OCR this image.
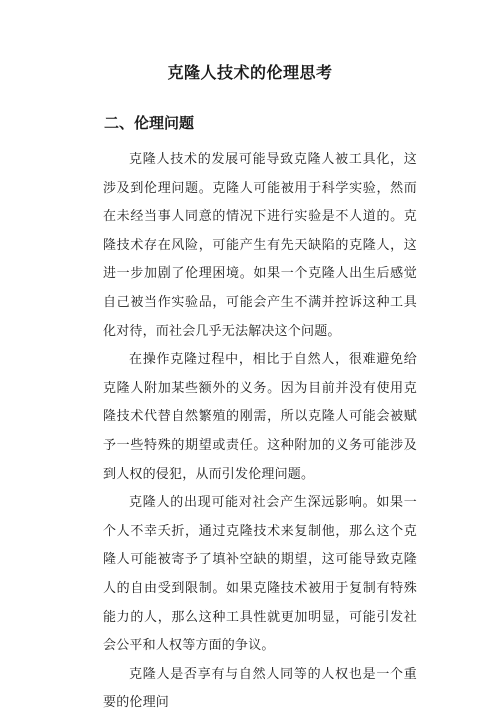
克隆人技术的伦理思考
二、伦理问题

克隆人技术的发展可能导致克隆人被工具化，这涉及到伦理问题。克隆人可能被用于科学实验，然而在未经当事人同意的情况下进行实验是不人道的。克隆技术存在风险，可能产生有先天缺陷的克隆人，这进一步加剧了伦理困境。如果一个克隆人出生后感觉自己被当作实验品，可能会产生不满并控诉这种工具化对待，而社会几乎无法解决这个问题。

在操作克隆过程中，相比于自然人，很难避免给克隆人附加某些额外的义务。因为目前并没有使用克隆技术代替自然繁殖的刚需，所以克隆人可能会被赋予一些特殊的期望或责任。这种附加的义务可能涉及到人权的侵犯，从而引发伦理问题。

克隆人的出现可能对社会产生深远影响。如果一个人不幸夭折，通过克隆技术来复制他，那么这个克隆人可能被寄予了填补空缺的期望，这可能导致克隆人的自由受到限制。如果克隆技术被用于复制有特殊能力的人，那么这种工具性就更加明显，可能引发社会公平和人权等方面的争议。

克隆人是否享有与自然人同等的人权也是一个重要的伦理问
